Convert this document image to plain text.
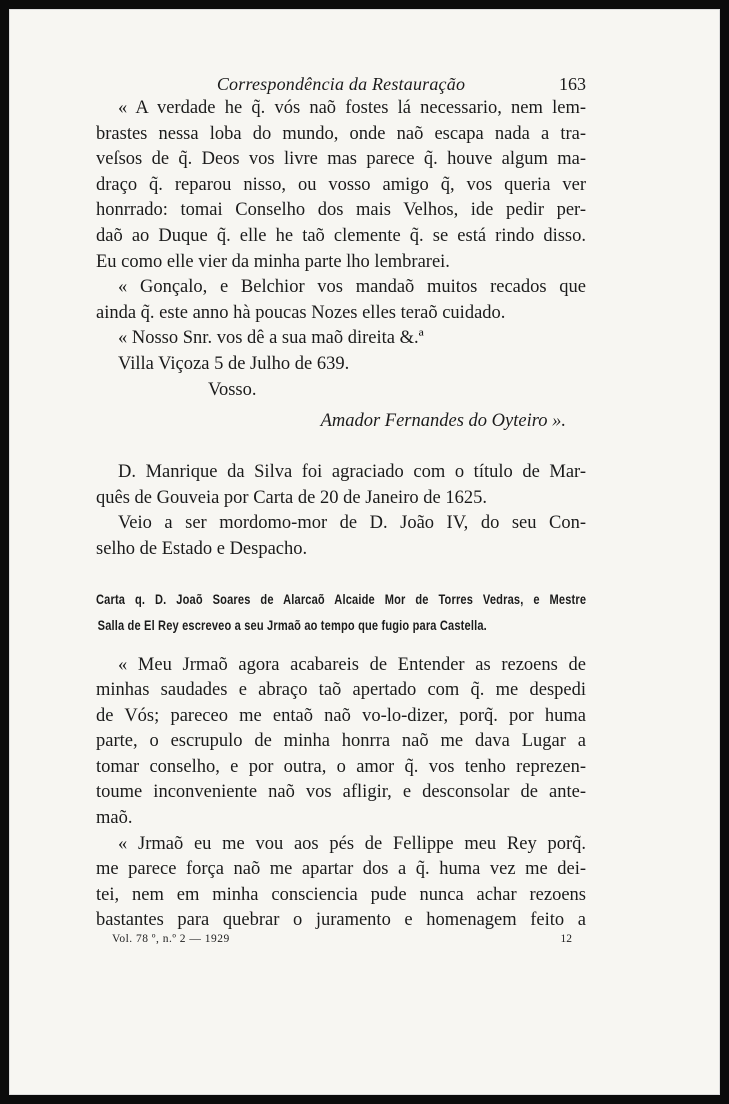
Correspondência da Restauração	163

« A verdade he q̃. vós naõ fostes lá necessario, nem lem-
brastes nessa loba do mundo, onde naõ escapa nada a tra-
veſsos de q̃. Deos vos livre mas parece q̃. houve algum ma-
draço q̃. reparou nisso, ou vosso amigo q̃, vos queria ver
honrrado: tomai Conselho dos mais Velhos, ide pedir per-
daõ ao Duque q̃. elle he taõ clemente q̃. se está rindo disso.
Eu como elle vier da minha parte lho lembrarei.

« Gonçalo, e Belchior vos mandaõ muitos recados que
ainda q̃. este anno hà poucas Nozes elles teraõ cuidado.

« Nosso Snr. vos dê a sua maõ direita &.ª
Villa Viçoza 5 de Julho de 639.
Vosso.

Amador Fernandes do Oyteiro ».

D. Manrique da Silva foi agraciado com o título de Mar-
quês de Gouveia por Carta de 20 de Janeiro de 1625.

Veio a ser mordomo-mor de D. João IV, do seu Con-
selho de Estado e Despacho.

Carta q. D. Joaõ Soares de Alarcaõ Alcaide Mor de Torres Vedras, e Mestre
Salla de El Rey escreveo a seu Jrmaõ ao tempo que fugio para Castella.

« Meu Jrmaõ agora acabareis de Entender as rezoens de
minhas saudades e abraço taõ apertado com q̃. me despedi
de Vós; pareceo me entaõ naõ vo-lo-dizer, porq̃. por huma
parte, o escrupulo de minha honrra naõ me dava Lugar a
tomar conselho, e por outra, o amor q̃. vos tenho reprezen-
toume inconveniente naõ vos afligir, e desconsolar de ante-
maõ.

« Jrmaõ eu me vou aos pés de Fellippe meu Rey porq̃.
me parece força naõ me apartar dos a q̃. huma vez me dei-
tei, nem em minha consciencia pude nunca achar rezoens
bastantes para quebrar o juramento e homenagem feito a

Vol. 78 º, n.º 2 — 1929	12
